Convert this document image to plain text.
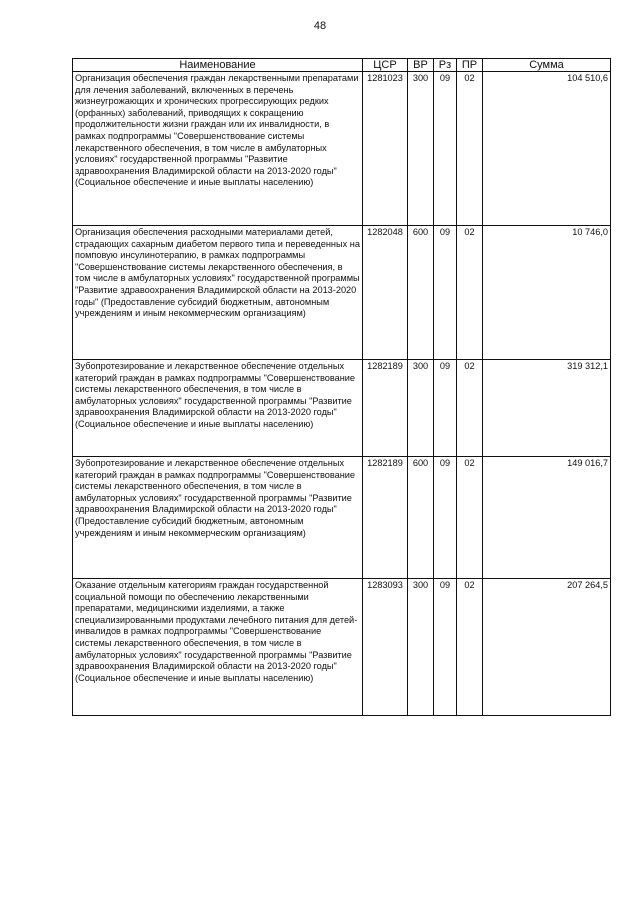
48
Наименование	ЦСР	ВР	Рз	ПР	Сумма
Организация обеспечения граждан лекарственными препаратами для лечения заболеваний, включенных в перечень жизнеугрожающих и хронических прогрессирующих редких (орфанных) заболеваний, приводящих к сокращению продолжительности жизни граждан или их инвалидности, в рамках подпрограммы "Совершенствование системы лекарственного обеспечения, в том числе в амбулаторных условиях" государственной программы "Развитие здравоохранения Владимирской области на 2013-2020 годы" (Социальное обеспечение и иные выплаты населению)	1281023	300	09	02	104 510,6
Организация обеспечения расходными материалами детей, страдающих сахарным диабетом первого типа и переведенных на помповую инсулинотерапию, в рамках подпрограммы "Совершенствование системы лекарственного обеспечения, в том числе в амбулаторных условиях" государственной программы "Развитие здравоохранения Владимирской области на 2013-2020 годы" (Предоставление субсидий бюджетным, автономным учреждениям и иным некоммерческим организациям)	1282048	600	09	02	10 746,0
Зубопротезирование и лекарственное обеспечение отдельных категорий граждан в рамках подпрограммы "Совершенствование системы лекарственного обеспечения, в том числе в амбулаторных условиях" государственной программы "Развитие здравоохранения Владимирской области на 2013-2020 годы" (Социальное обеспечение и иные выплаты населению)	1282189	300	09	02	319 312,1
Зубопротезирование и лекарственное обеспечение отдельных категорий граждан в рамках подпрограммы "Совершенствование системы лекарственного обеспечения, в том числе в амбулаторных условиях" государственной программы "Развитие здравоохранения Владимирской области на 2013-2020 годы" (Предоставление субсидий бюджетным, автономным учреждениям и иным некоммерческим организациям)	1282189	600	09	02	149 016,7
Оказание отдельным категориям граждан государственной социальной помощи по обеспечению лекарственными препаратами, медицинскими изделиями, а также специализированными продуктами лечебного питания для детей-инвалидов в рамках подпрограммы "Совершенствование системы лекарственного обеспечения, в том числе в амбулаторных условиях" государственной программы "Развитие здравоохранения Владимирской области на 2013-2020 годы" (Социальное обеспечение и иные выплаты населению)	1283093	300	09	02	207 264,5
